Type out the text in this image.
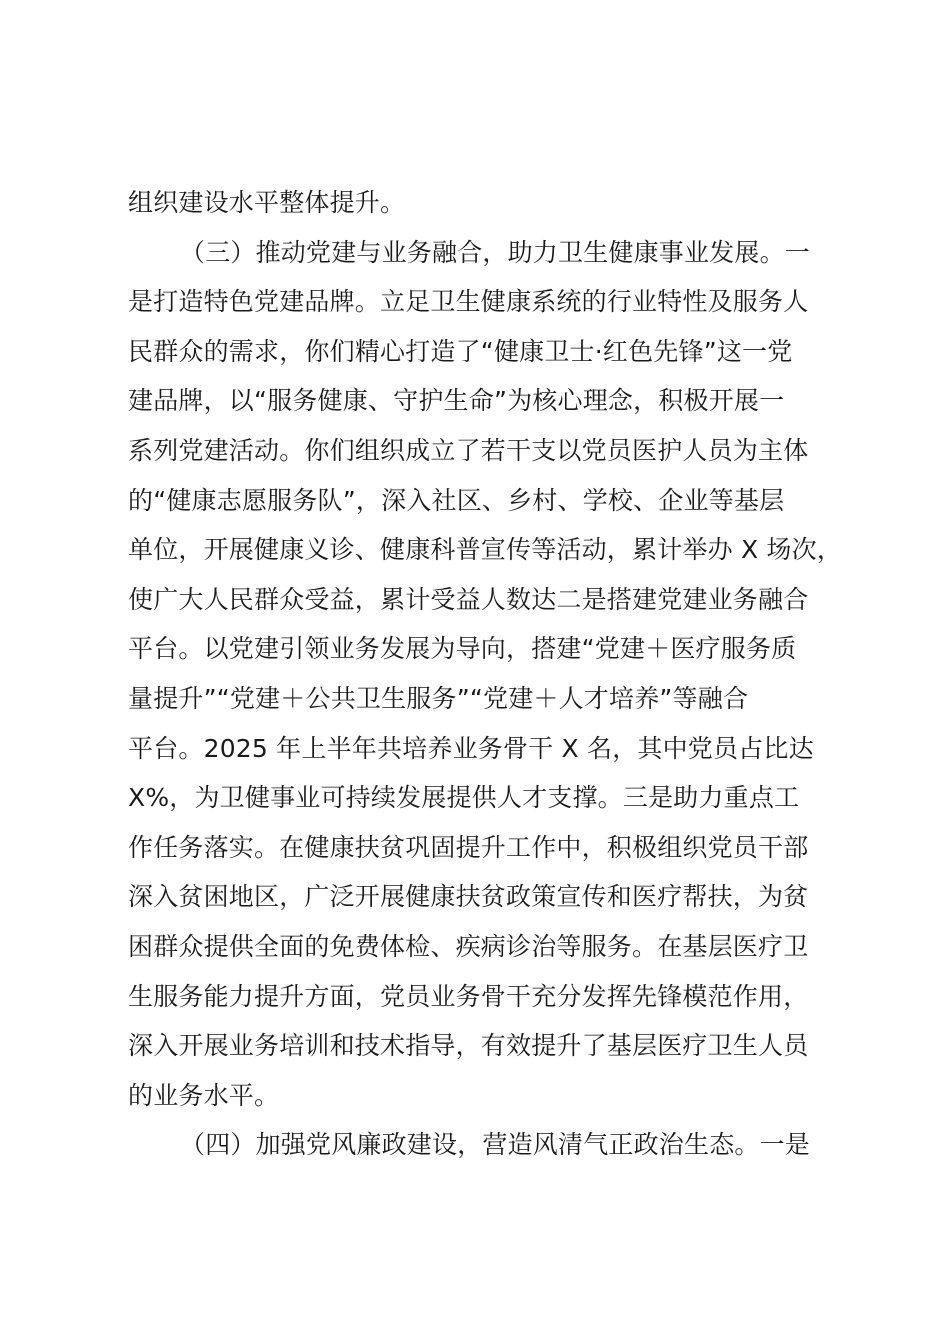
组织建设水平整体提升。
（三）推动党建与业务融合，助力卫生健康事业发展。一
是打造特色党建品牌。立足卫生健康系统的行业特性及服务人
民群众的需求，你们精心打造了“健康卫士·红色先锋”这一党
建品牌，以“服务健康、守护生命”为核心理念，积极开展一
系列党建活动。你们组织成立了若干支以党员医护人员为主体
的“健康志愿服务队”，深入社区、乡村、学校、企业等基层
单位，开展健康义诊、健康科普宣传等活动，累计举办 X 场次，
使广大人民群众受益，累计受益人数达二是搭建党建业务融合
平台。以党建引领业务发展为导向，搭建“党建＋医疗服务质
量提升”“党建＋公共卫生服务”“党建＋人才培养”等融合
平台。2025 年上半年共培养业务骨干 X 名，其中党员占比达
X%，为卫健事业可持续发展提供人才支撑。三是助力重点工
作任务落实。在健康扶贫巩固提升工作中，积极组织党员干部
深入贫困地区，广泛开展健康扶贫政策宣传和医疗帮扶，为贫
困群众提供全面的免费体检、疾病诊治等服务。在基层医疗卫
生服务能力提升方面，党员业务骨干充分发挥先锋模范作用，
深入开展业务培训和技术指导，有效提升了基层医疗卫生人员
的业务水平。
（四）加强党风廉政建设，营造风清气正政治生态。一是
